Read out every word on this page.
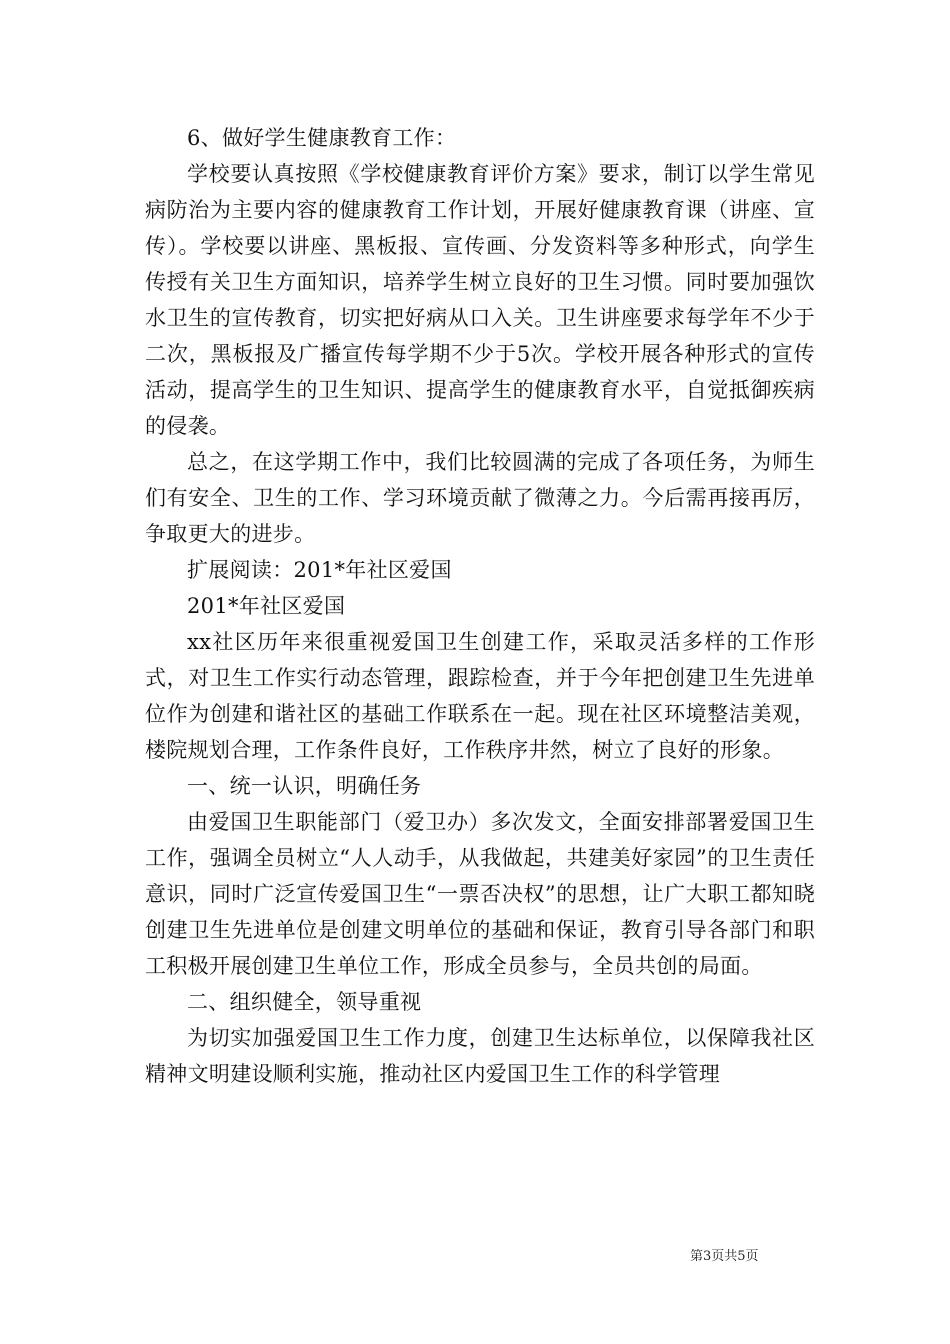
6、做好学生健康教育工作：

学校要认真按照《学校健康教育评价方案》要求，制订以学生常见病防治为主要内容的健康教育工作计划，开展好健康教育课（讲座、宣传）。学校要以讲座、黑板报、宣传画、分发资料等多种形式，向学生传授有关卫生方面知识，培养学生树立良好的卫生习惯。同时要加强饮水卫生的宣传教育，切实把好病从口入关。卫生讲座要求每学年不少于二次，黑板报及广播宣传每学期不少于5次。学校开展各种形式的宣传活动，提高学生的卫生知识、提高学生的健康教育水平，自觉抵御疾病的侵袭。

总之，在这学期工作中，我们比较圆满的完成了各项任务，为师生们有安全、卫生的工作、学习环境贡献了微薄之力。今后需再接再厉，争取更大的进步。

扩展阅读：201*年社区爱国

201*年社区爱国

xx社区历年来很重视爱国卫生创建工作，采取灵活多样的工作形式，对卫生工作实行动态管理，跟踪检查，并于今年把创建卫生先进单位作为创建和谐社区的基础工作联系在一起。现在社区环境整洁美观，楼院规划合理，工作条件良好，工作秩序井然，树立了良好的形象。

一、统一认识，明确任务

由爱国卫生职能部门（爱卫办）多次发文，全面安排部署爱国卫生工作，强调全员树立“人人动手，从我做起，共建美好家园”的卫生责任意识，同时广泛宣传爱国卫生“一票否决权”的思想，让广大职工都知晓创建卫生先进单位是创建文明单位的基础和保证，教育引导各部门和职工积极开展创建卫生单位工作，形成全员参与，全员共创的局面。

二、组织健全，领导重视

为切实加强爱国卫生工作力度，创建卫生达标单位，以保障我社区精神文明建设顺利实施，推动社区内爱国卫生工作的科学管理

第3页共5页
